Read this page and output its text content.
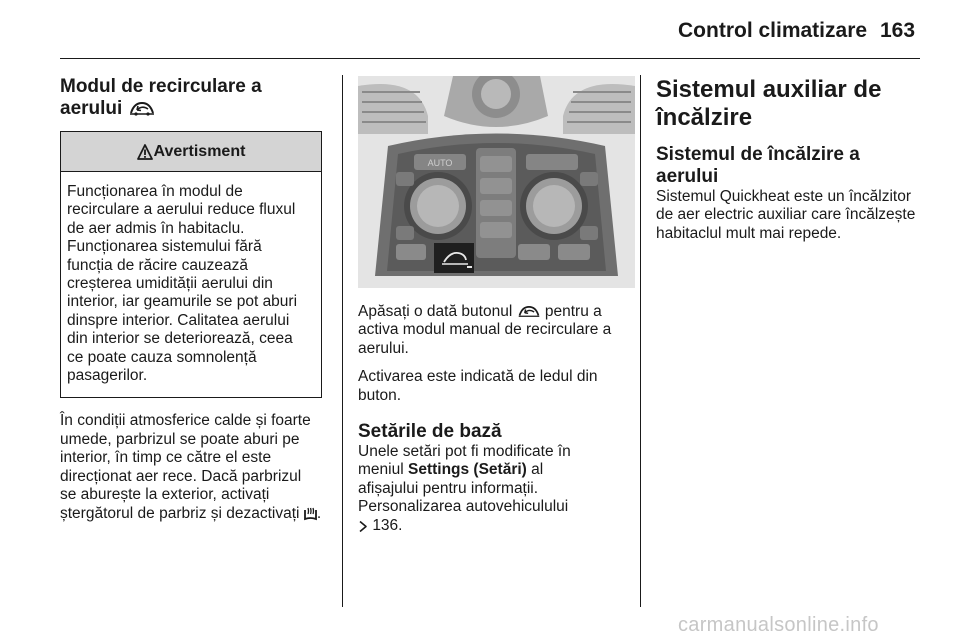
Control climatizare 163
Modul de recirculare a
aerului
Avertisment
Funcționarea în modul de
recirculare a aerului reduce fluxul
de aer admis în habitaclu.
Funcționarea sistemului fără
funcția de răcire cauzează
creșterea umidității aerului din
interior, iar geamurile se pot aburi
dinspre interior. Calitatea aerului
din interior se deteriorează, ceea
ce poate cauza somnolență
pasagerilor.
În condiții atmosferice calde și foarte
umede, parbrizul se poate aburi pe
interior, în timp ce către el este
direcționat aer rece. Dacă parbrizul
se aburește la exterior, activați
ștergătorul de parbriz și dezactivați .
AUTO
Apăsați o dată butonul pentru a
activa modul manual de recirculare a
aerului.
Activarea este indicată de ledul din
buton.
Setările de bază
Unele setări pot fi modificate în
meniul Settings (Setări) al
afișajului pentru informații.
Personalizarea autovehiculului
136.
Sistemul auxiliar de
încălzire
Sistemul de încălzire a aerului
Sistemul Quickheat este un încălzitor
de aer electric auxiliar care încălzește
habitaclul mult mai repede.
carmanualsonline.info
